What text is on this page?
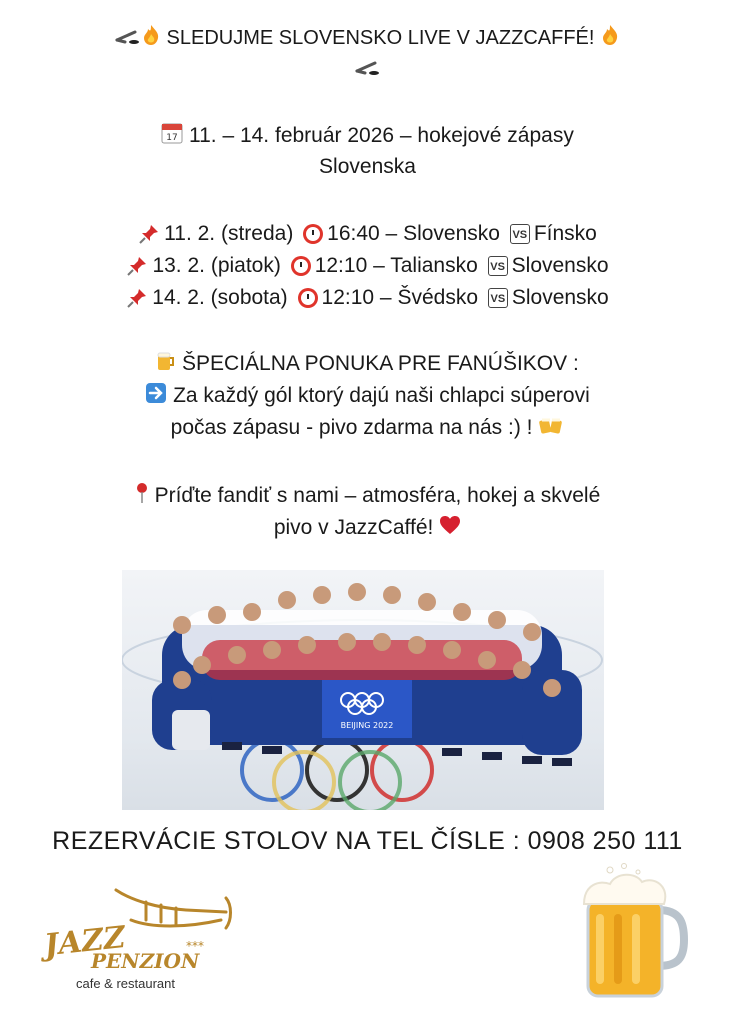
SLEDUJME SLOVENSKO LIVE V JAZZCAFFÉ!
17 11. – 14. február 2026 – hokejové zápasy
Slovenska
11. 2. (streda) 16:40 – Slovensko VS Fínsko
13. 2. (piatok) 12:10 – Taliansko VS Slovensko
14. 2. (sobota) 12:10 – Švédsko VS Slovensko
ŠPECIÁLNA PONUKA PRE FANÚŠIKOV :
Za každý gól ktorý dajú naši chlapci súperovi
počas zápasu - pivo zdarma na nás :) !
Príďte fandiť s nami – atmosféra, hokej a skvelé
pivo v JazzCaffé!
BEIJING 2022
REZERVÁCIE STOLOV NA TEL ČÍSLE : 0908 250 111
JAZZ	***
PENZION
cafe & restaurant
